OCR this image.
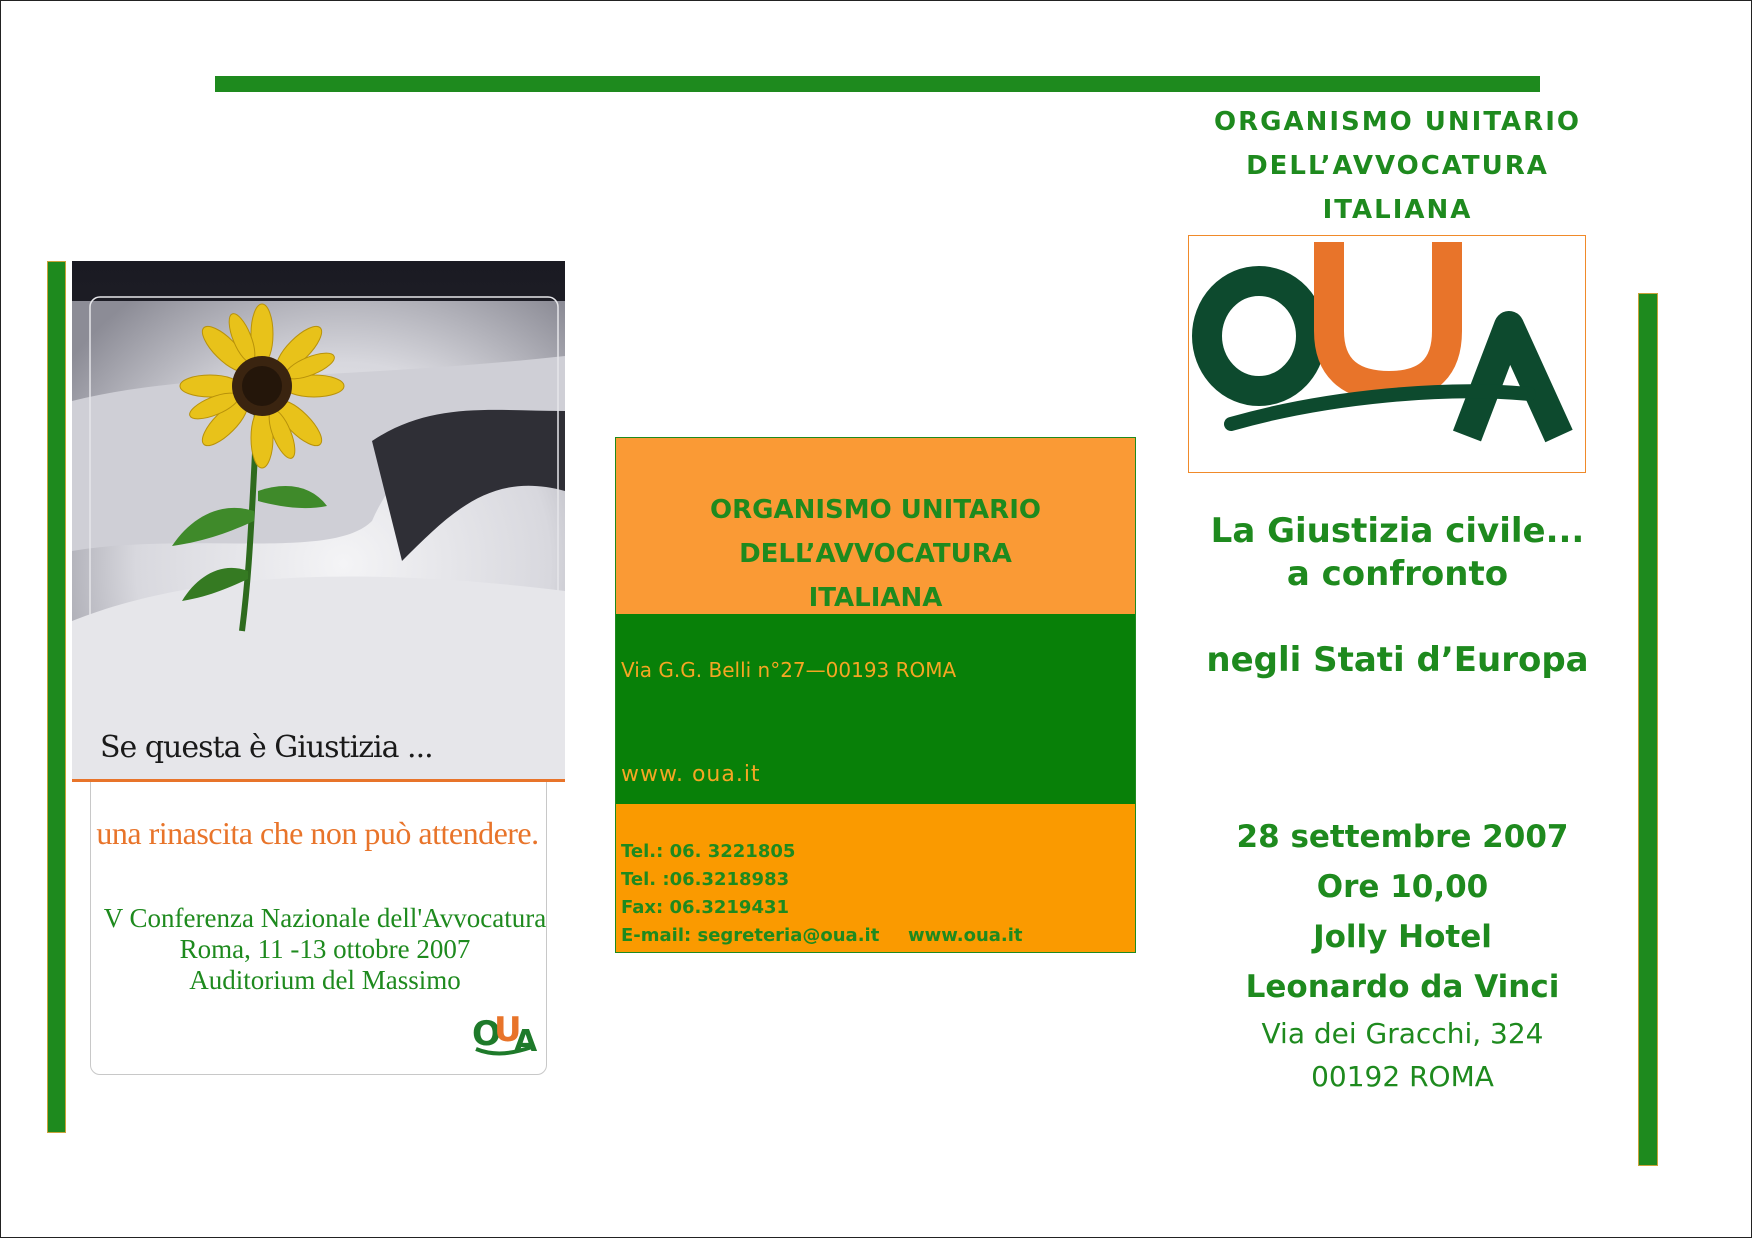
Se questa è Giustizia ...
una rinascita che non può attendere.
V Conferenza Nazionale dell'Avvocatura
Roma, 11 -13 ottobre 2007
Auditorium del Massimo
O
U
A
ORGANISMO UNITARIO
DELL’AVVOCATURA
ITALIANA
Via G.G. Belli n°27—00193 ROMA
www. oua.it
Tel.: 06. 3221805
Tel. :06.3218983
Fax: 06.3219431
E-mail: segreteria@oua.it	www.oua.it
ORGANISMO UNITARIO
DELL’AVVOCATURA
ITALIANA
La Giustizia civile...
a confronto
negli Stati d’Europa
28 settembre 2007
Ore 10,00
Jolly Hotel
Leonardo da Vinci
Via dei Gracchi, 324
00192 ROMA
